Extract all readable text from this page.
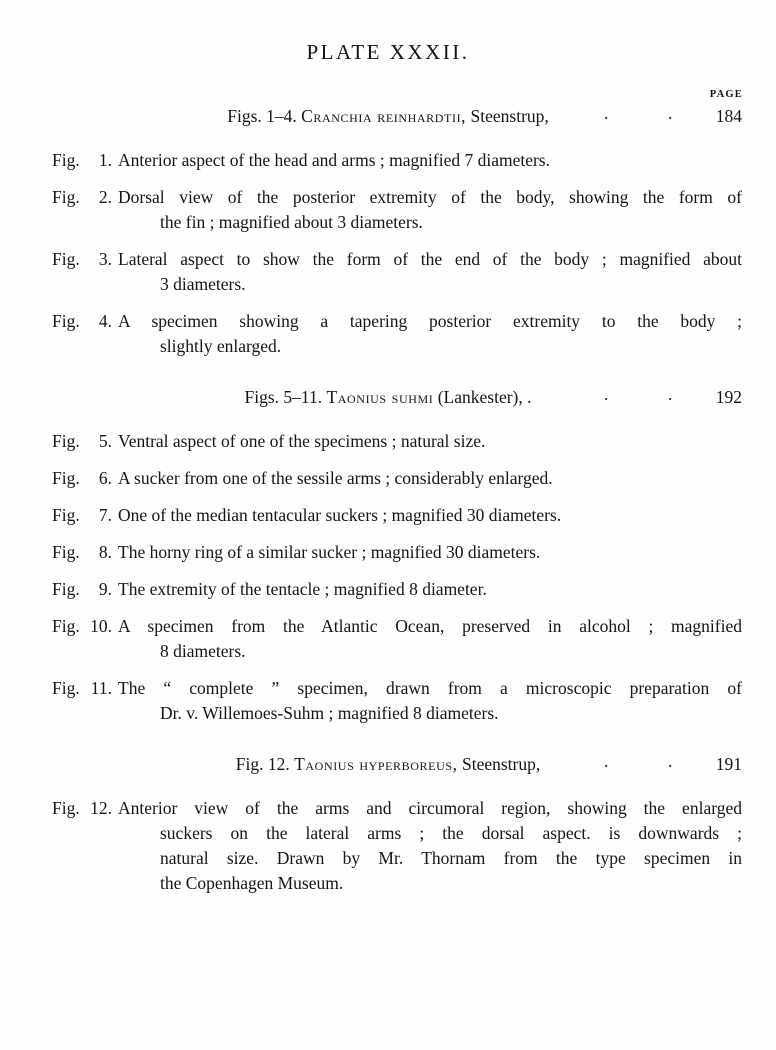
PLATE XXXII.
PAGE
Figs. 1–4. Cranchia reinhardtii, Steenstrup,	.	. 184
Fig.	1. Anterior aspect of the head and arms ; magnified 7 diameters.
Fig.	2. Dorsal view of the posterior extremity of the body, showing the form of
the fin ; magnified about 3 diameters.
Fig.	3. Lateral aspect to show the form of the end of the body ; magnified about
3 diameters.
Fig.	4. A specimen showing a tapering posterior extremity to the body ;
slightly enlarged.
Figs. 5–11. Taonius suhmi (Lankester), .	.	. 192
Fig.	5. Ventral aspect of one of the specimens ; natural size.
Fig.	6. A sucker from one of the sessile arms ; considerably enlarged.
Fig.	7. One of the median tentacular suckers ; magnified 30 diameters.
Fig.	8. The horny ring of a similar sucker ; magnified 30 diameters.
Fig.	9. The extremity of the tentacle ; magnified 8 diameter.
Fig. 10. A specimen from the Atlantic Ocean, preserved in alcohol ; magnified
8 diameters.
Fig. 11. The “ complete ” specimen, drawn from a microscopic preparation of
Dr. v. Willemoes-Suhm ; magnified 8 diameters.
Fig. 12. Taonius hyperboreus, Steenstrup,	.	. 191
Fig. 12. Anterior view of the arms and circumoral region, showing the enlarged
suckers on the lateral arms ; the dorsal aspect. is downwards ;
natural size. Drawn by Mr. Thornam from the type specimen in
the Copenhagen Museum.
